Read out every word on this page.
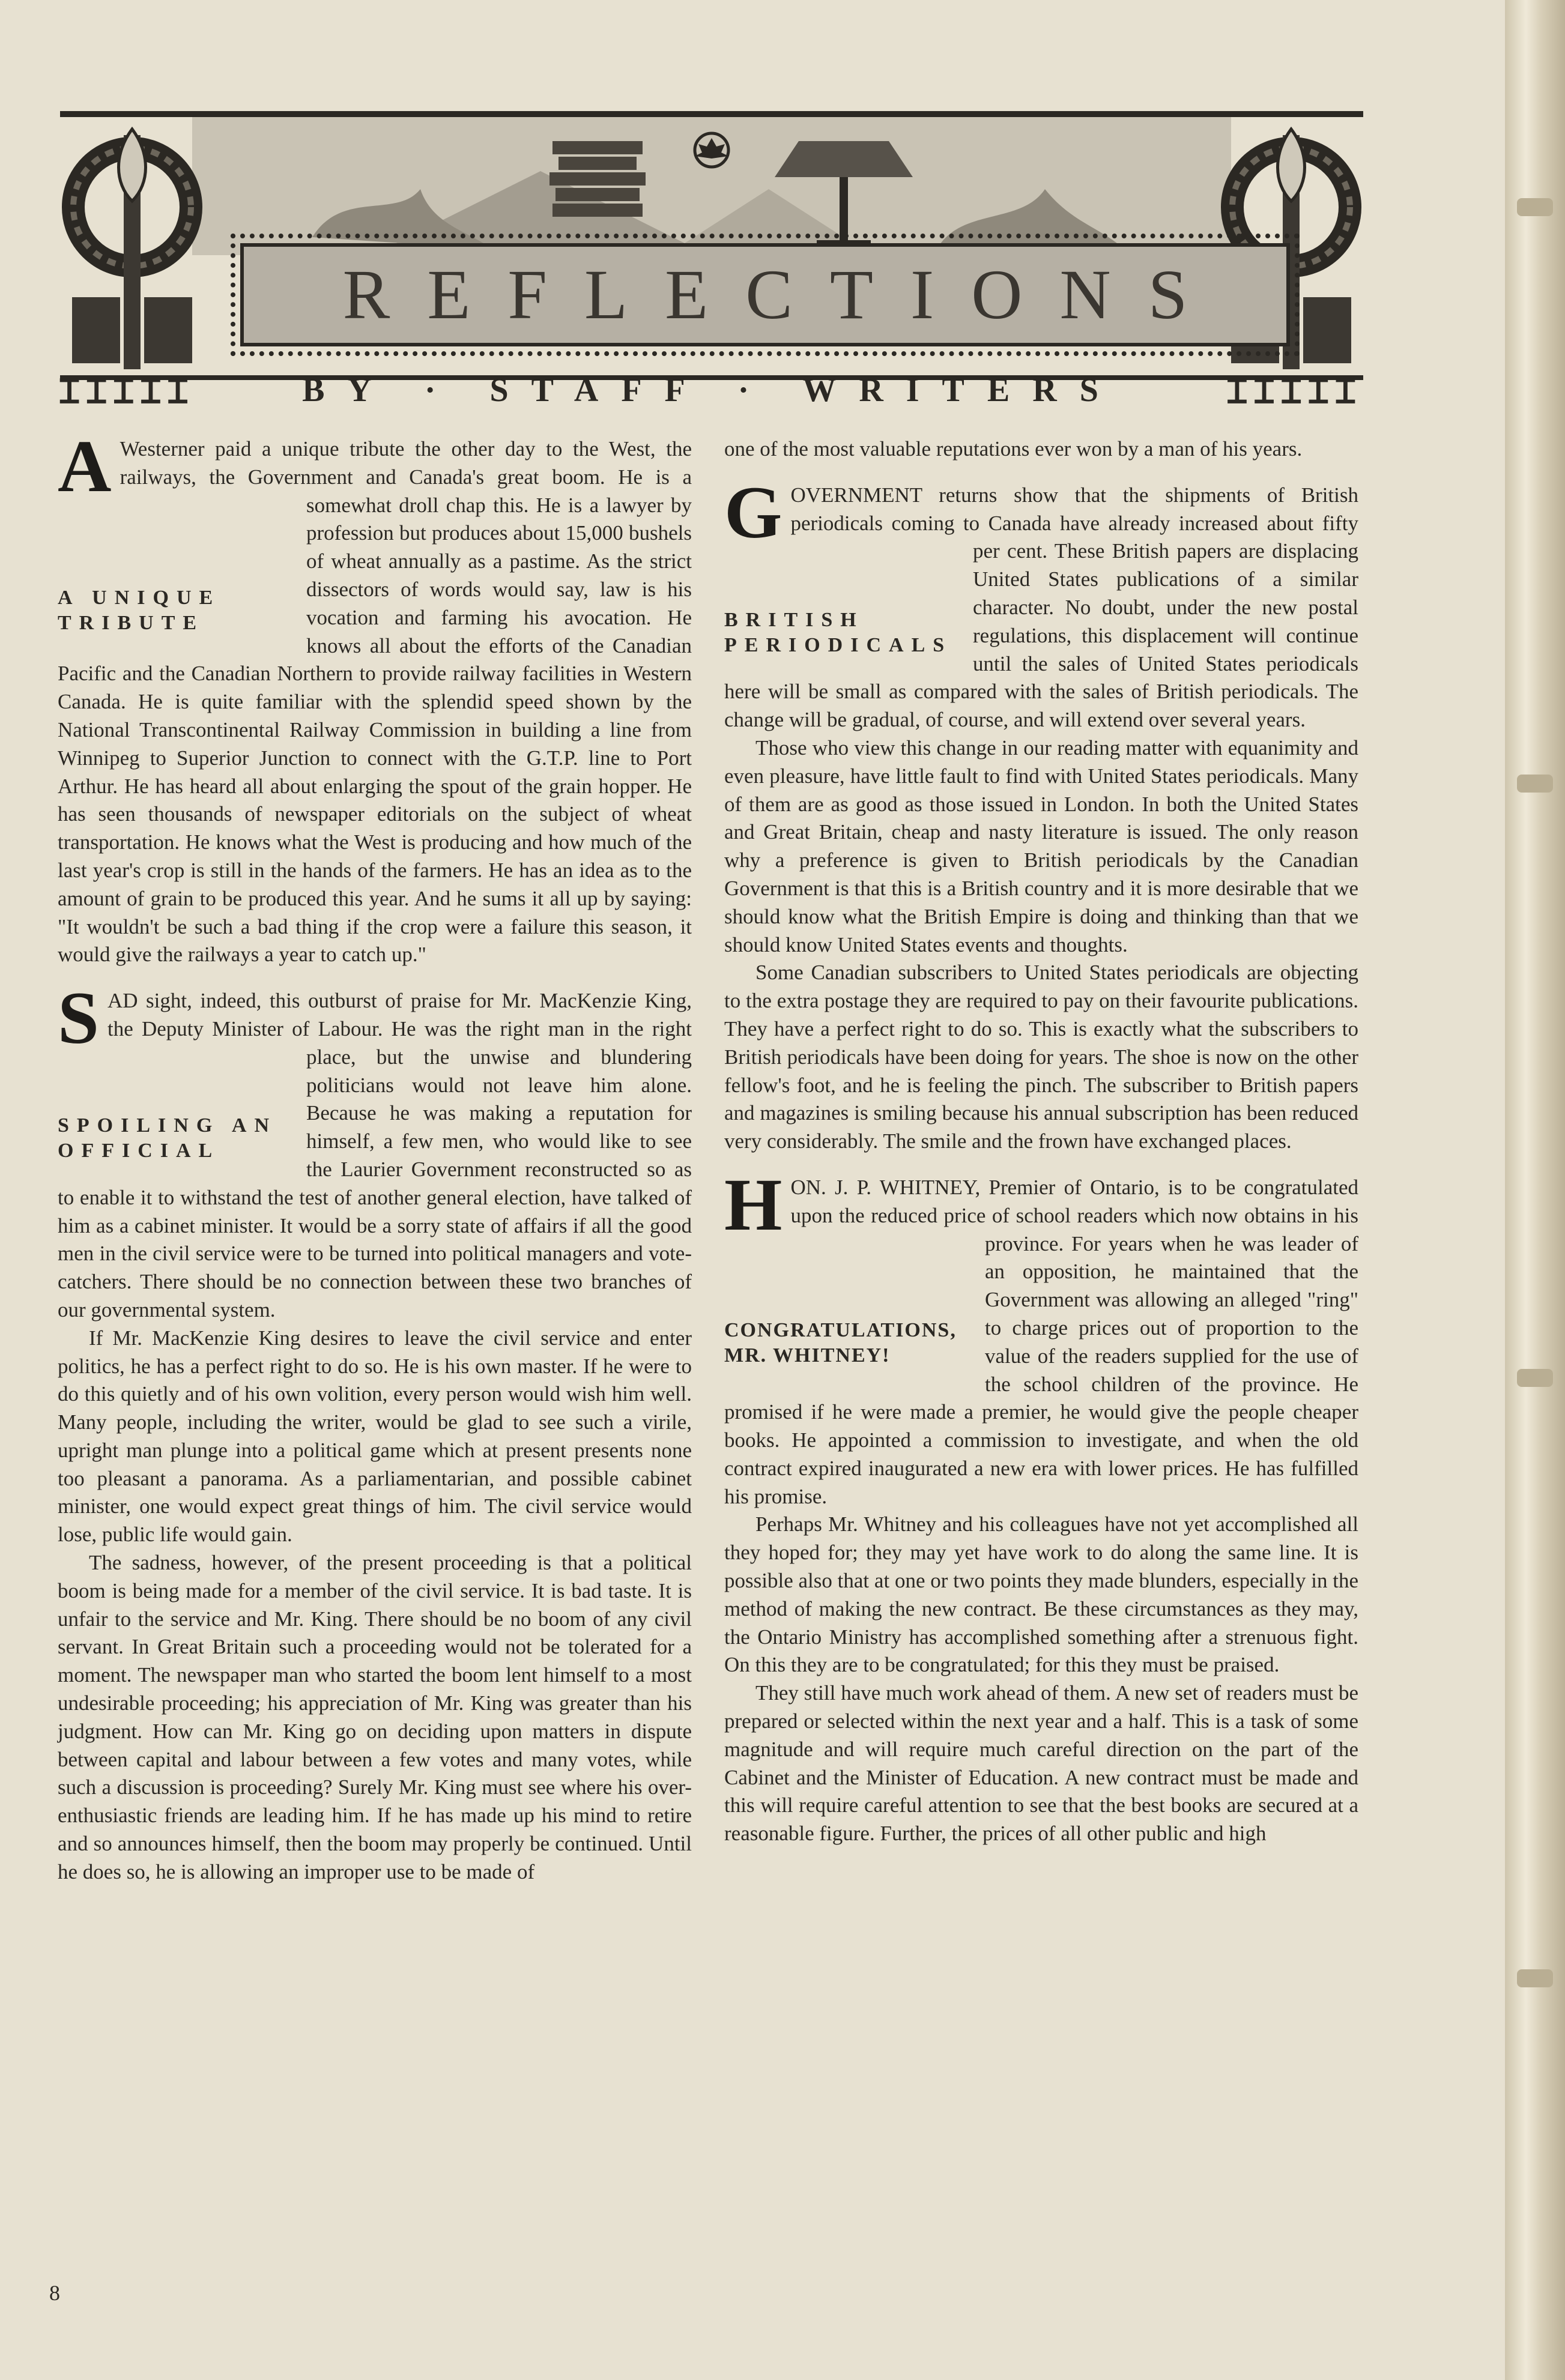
REFLECTIONS
ꞮꞮꞮꞮꞮ	BY · STAFF · WRITERS	ꞮꞮꞮꞮꞮ
A

A UNIQUE TRIBUTE
Westerner paid a unique tribute the other day to the West, the railways, the Government and Canada's great boom. He is a somewhat droll chap this. He is a lawyer by profession but produces about 15,000 bushels of wheat annually as a pastime. As the strict dissectors of words would say, law is his vocation and farming his avocation. He knows all about the efforts of the Canadian Pacific and the Canadian Northern to provide railway facilities in Western Canada. He is quite familiar with the splendid speed shown by the National Transcontinental Railway Commission in building a line from Winnipeg to Superior Junction to connect with the G.T.P. line to Port Arthur. He has heard all about enlarging the spout of the grain hopper. He has seen thousands of newspaper editorials on the subject of wheat transportation. He knows what the West is producing and how much of the last year's crop is still in the hands of the farmers. He has an idea as to the amount of grain to be produced this year. And he sums it all up by saying: "It wouldn't be such a bad thing if the crop were a failure this season, it would give the railways a year to catch up."

S

SPOILING AN OFFICIAL
AD sight, indeed, this outburst of praise for Mr. MacKenzie King, the Deputy Minister of Labour. He was the right man in the right place, but the unwise and blundering politicians would not leave him alone. Because he was making a reputation for himself, a few men, who would like to see the Laurier Government reconstructed so as to enable it to withstand the test of another general election, have talked of him as a cabinet minister. It would be a sorry state of affairs if all the good men in the civil service were to be turned into political managers and vote-catchers. There should be no connection between these two branches of our governmental system.

If Mr. MacKenzie King desires to leave the civil service and enter politics, he has a perfect right to do so. He is his own master. If he were to do this quietly and of his own volition, every person would wish him well. Many people, including the writer, would be glad to see such a virile, upright man plunge into a political game which at present presents none too pleasant a panorama. As a parliamentarian, and possible cabinet minister, one would expect great things of him. The civil service would lose, public life would gain.

The sadness, however, of the present proceeding is that a political boom is being made for a member of the civil service. It is bad taste. It is unfair to the service and Mr. King. There should be no boom of any civil servant. In Great Britain such a proceeding would not be tolerated for a moment. The newspaper man who started the boom lent himself to a most undesirable proceeding; his appreciation of Mr. King was greater than his judgment. How can Mr. King go on deciding upon matters in dispute between capital and labour between a few votes and many votes, while such a discussion is proceeding? Surely Mr. King must see where his over-enthusiastic friends are leading him. If he has made up his mind to retire and so announces himself, then the boom may properly be continued. Until he does so, he is allowing an improper use to be made of

one of the most valuable reputations ever won by a man of his years.

G

BRITISH PERIODICALS
OVERNMENT returns show that the shipments of British periodicals coming to Canada have already increased about fifty per cent. These British papers are displacing United States publications of a similar character. No doubt, under the new postal regulations, this displacement will continue until the sales of United States periodicals here will be small as compared with the sales of British periodicals. The change will be gradual, of course, and will extend over several years.

Those who view this change in our reading matter with equanimity and even pleasure, have little fault to find with United States periodicals. Many of them are as good as those issued in London. In both the United States and Great Britain, cheap and nasty literature is issued. The only reason why a preference is given to British periodicals by the Canadian Government is that this is a British country and it is more desirable that we should know what the British Empire is doing and thinking than that we should know United States events and thoughts.

Some Canadian subscribers to United States periodicals are objecting to the extra postage they are required to pay on their favourite publications. They have a perfect right to do so. This is exactly what the subscribers to British periodicals have been doing for years. The shoe is now on the other fellow's foot, and he is feeling the pinch. The subscriber to British papers and magazines is smiling because his annual subscription has been reduced very considerably. The smile and the frown have exchanged places.

H

CONGRATULATIONS, MR. WHITNEY!
ON. J. P. WHITNEY, Premier of Ontario, is to be congratulated upon the reduced price of school readers which now obtains in his province. For years when he was leader of an opposition, he maintained that the Government was allowing an alleged "ring" to charge prices out of proportion to the value of the readers supplied for the use of the school children of the province. He promised if he were made a premier, he would give the people cheaper books. He appointed a commission to investigate, and when the old contract expired inaugurated a new era with lower prices. He has fulfilled his promise.

Perhaps Mr. Whitney and his colleagues have not yet accomplished all they hoped for; they may yet have work to do along the same line. It is possible also that at one or two points they made blunders, especially in the method of making the new contract. Be these circumstances as they may, the Ontario Ministry has accomplished something after a strenuous fight. On this they are to be congratulated; for this they must be praised.

They still have much work ahead of them. A new set of readers must be prepared or selected within the next year and a half. This is a task of some magnitude and will require much careful direction on the part of the Cabinet and the Minister of Education. A new contract must be made and this will require careful attention to see that the best books are secured at a reasonable figure. Further, the prices of all other public and high

8
